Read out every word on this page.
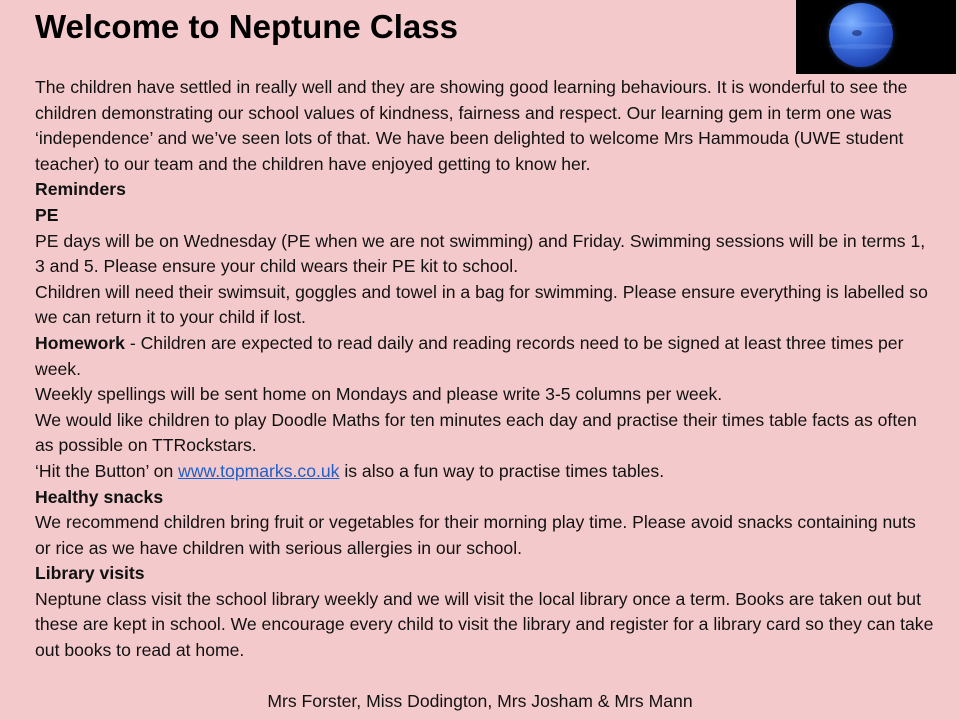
Welcome to Neptune Class

The children have settled in really well and they are showing good learning behaviours. It is wonderful to see the children demonstrating our school values of kindness, fairness and respect. Our learning gem in term one was ‘independence’ and we’ve seen lots of that. We have been delighted to welcome Mrs Hammouda (UWE student teacher) to our team and the children have enjoyed getting to know her.

Reminders

PE

PE days will be on Wednesday (PE when we are not swimming) and Friday. Swimming sessions will be in terms 1, 3 and 5. Please ensure your child wears their PE kit to school.

Children will need their swimsuit, goggles and towel in a bag for swimming. Please ensure everything is labelled so we can return it to your child if lost.

Homework - Children are expected to read daily and reading records need to be signed at least three times per week.

Weekly spellings will be sent home on Mondays and please write 3-5 columns per week.

We would like children to play Doodle Maths for ten minutes each day and practise their times table facts as often as possible on TTRockstars.

‘Hit the Button’ on www.topmarks.co.uk is also a fun way to practise times tables.

Healthy snacks

We recommend children bring fruit or vegetables for their morning play time. Please avoid snacks containing nuts or rice as we have children with serious allergies in our school.

Library visits

Neptune class visit the school library weekly and we will visit the local library once a term. Books are taken out but these are kept in school. We encourage every child to visit the library and register for a library card so they can take out books to read at home.

Mrs Forster, Miss Dodington, Mrs Josham & Mrs Mann
